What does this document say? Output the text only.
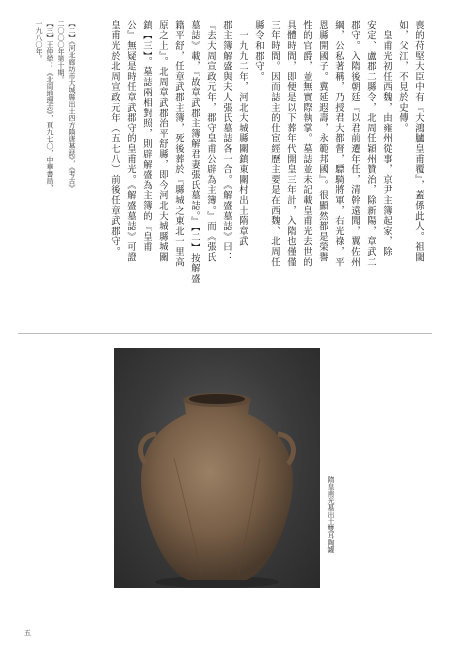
喪的苻堅大臣中有『大鴻臚皇甫覆』，蓋係此人。祖閾
如，父江，不見於史傳。
　皇甫光初任西魏，由雍州從事，京尹主簿起家，除
安定、盧郡二縣令，北周任穎州贊治，除新陽，章武二
郡守。入隋後朝廷『以君前遷年任，清幹遠聞，翼佐州
綱，公私著稱，乃授君大都督，驃騎將軍，右光祿，平
恩縣開國子。冀延遐壽，永範邦國』。很顯然都是榮譽
性的官爵，並無實際執掌。墓誌並未記載皇甫光去世的
具體時間，即便是以下葬年代開皇三年計，入隋也僅僅
三年時間。因而誌主的仕宦經歷主要是在西魏、北周任
縣令和郡守。
　一九九二年，河北大城縣關鎮東關村出土隋章武
郡主簿解盛與夫人張氏墓誌各一合。《解盛墓誌》曰：
『去大周宣政元年，郡守皇甫公辟為主簿。』而《張氏
墓誌》載，『故章武郡主簿解君妻張氏墓誌。』【二】按解盛
籍平舒，任章武郡主簿，死後葬於『縣城之東北一里高
原之上』。北周章武郡治平舒縣，即今河北大城縣城關
鎮【三】。墓誌兩相對照，則辟解盛為主簿的『皇甫
公』無疑是時任章武郡守的皇甫光。《解盛墓誌》可證
皇甫光於北周宣政元年（五七八）前後任章武郡守。
【二】《河北廊坊市大城縣出土四方隋唐墓誌》，《考古》
二〇〇〇年第十期。
【三】王仲犖：《北周地理志》，頁九七〇，中華書局，
一九八〇年。
隋皇甫光墓出土雙耳陶罐
五
